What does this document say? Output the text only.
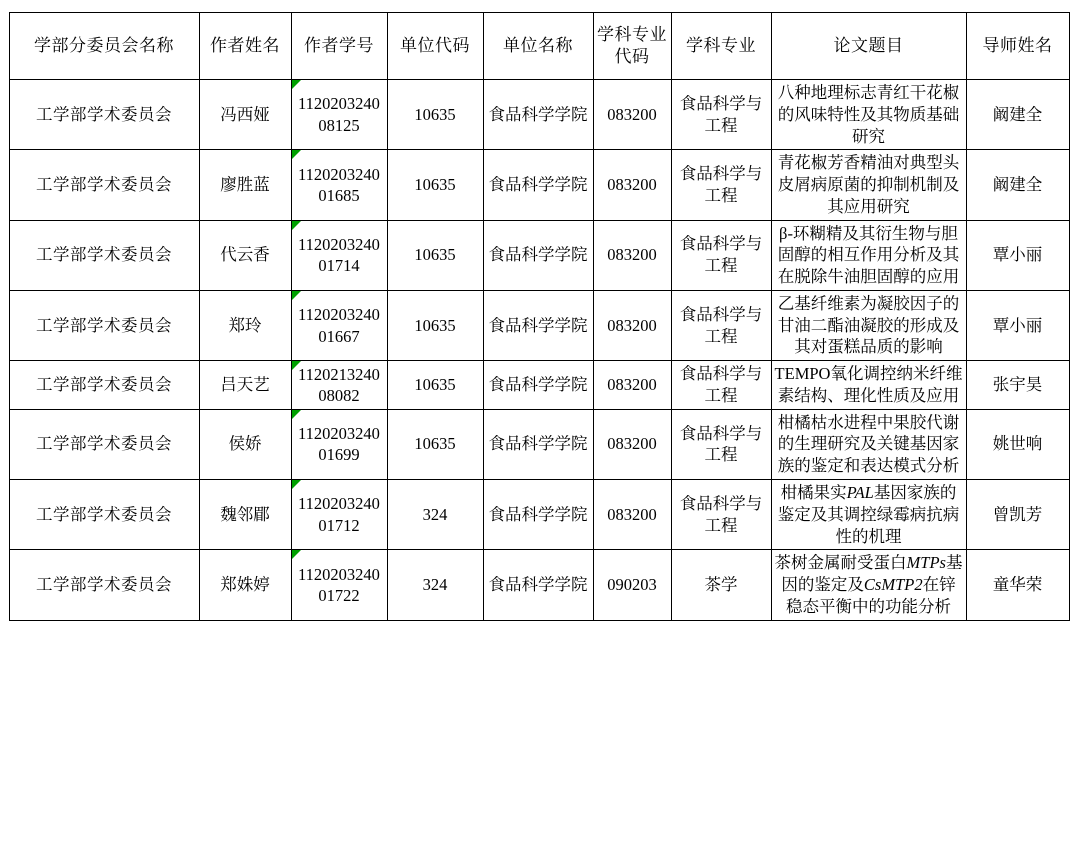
学部分委员会名称	作者姓名	作者学号	单位代码	单位名称	学科专业代码	学科专业	论文题目	导师姓名
工学部学术委员会	冯西娅	112020324008125	10635	食品科学学院	083200	食品科学与工程	八种地理标志青红干花椒的风味特性及其物质基础研究	阚建全
工学部学术委员会	廖胜蓝	112020324001685	10635	食品科学学院	083200	食品科学与工程	青花椒芳香精油对典型头皮屑病原菌的抑制机制及其应用研究	阚建全
工学部学术委员会	代云香	112020324001714	10635	食品科学学院	083200	食品科学与工程	β-环糊精及其衍生物与胆固醇的相互作用分析及其在脱除牛油胆固醇的应用	覃小丽
工学部学术委员会	郑玲	112020324001667	10635	食品科学学院	083200	食品科学与工程	乙基纤维素为凝胶因子的甘油二酯油凝胶的形成及其对蛋糕品质的影响	覃小丽
工学部学术委员会	吕天艺	112021324008082	10635	食品科学学院	083200	食品科学与工程	TEMPO氧化调控纳米纤维素结构、理化性质及应用	张宇昊
工学部学术委员会	侯娇	112020324001699	10635	食品科学学院	083200	食品科学与工程	柑橘枯水进程中果胶代谢的生理研究及关键基因家族的鉴定和表达模式分析	姚世响
工学部学术委员会	魏邻郿	112020324001712	324	食品科学学院	083200	食品科学与工程	柑橘果实PAL基因家族的鉴定及其调控绿霉病抗病性的机理	曾凯芳
工学部学术委员会	郑姝婷	112020324001722	324	食品科学学院	090203	茶学	茶树金属耐受蛋白MTPs基因的鉴定及CsMTP2在锌稳态平衡中的功能分析	童华荣
